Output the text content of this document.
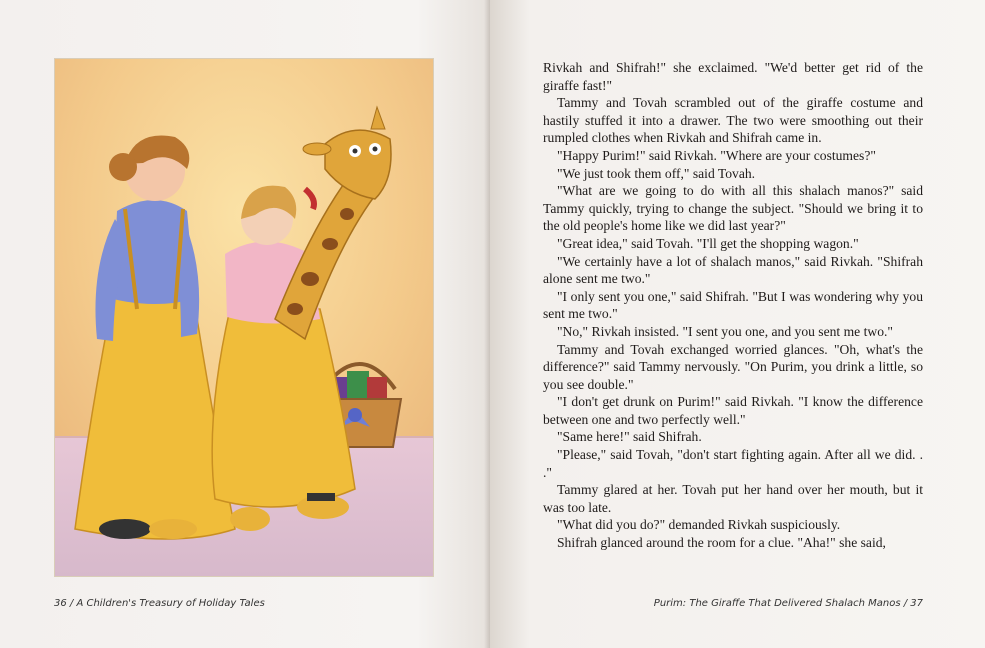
36 / A Children's Treasury of Holiday Tales

Rivkah and Shifrah!" she exclaimed. "We'd better get rid of the giraffe fast!"

Tammy and Tovah scrambled out of the giraffe costume and hastily stuffed it into a drawer. The two were smoothing out their rumpled clothes when Rivkah and Shifrah came in.

"Happy Purim!" said Rivkah. "Where are your costumes?"

"We just took them off," said Tovah.

"What are we going to do with all this shalach manos?" said Tammy quickly, trying to change the subject. "Should we bring it to the old people's home like we did last year?"

"Great idea," said Tovah. "I'll get the shopping wagon."

"We certainly have a lot of shalach manos," said Rivkah. "Shifrah alone sent me two."

"I only sent you one," said Shifrah. "But I was wondering why you sent me two."

"No," Rivkah insisted. "I sent you one, and you sent me two."

Tammy and Tovah exchanged worried glances. "Oh, what's the difference?" said Tammy nervously. "On Purim, you drink a little, so you see double."

"I don't get drunk on Purim!" said Rivkah. "I know the difference between one and two perfectly well."

"Same here!" said Shifrah.

"Please," said Tovah, "don't start fighting again. After all we did. . ."

Tammy glared at her. Tovah put her hand over her mouth, but it was too late.

"What did you do?" demanded Rivkah suspiciously.

Shifrah glanced around the room for a clue. "Aha!" she said,

Purim: The Giraffe That Delivered Shalach Manos / 37
